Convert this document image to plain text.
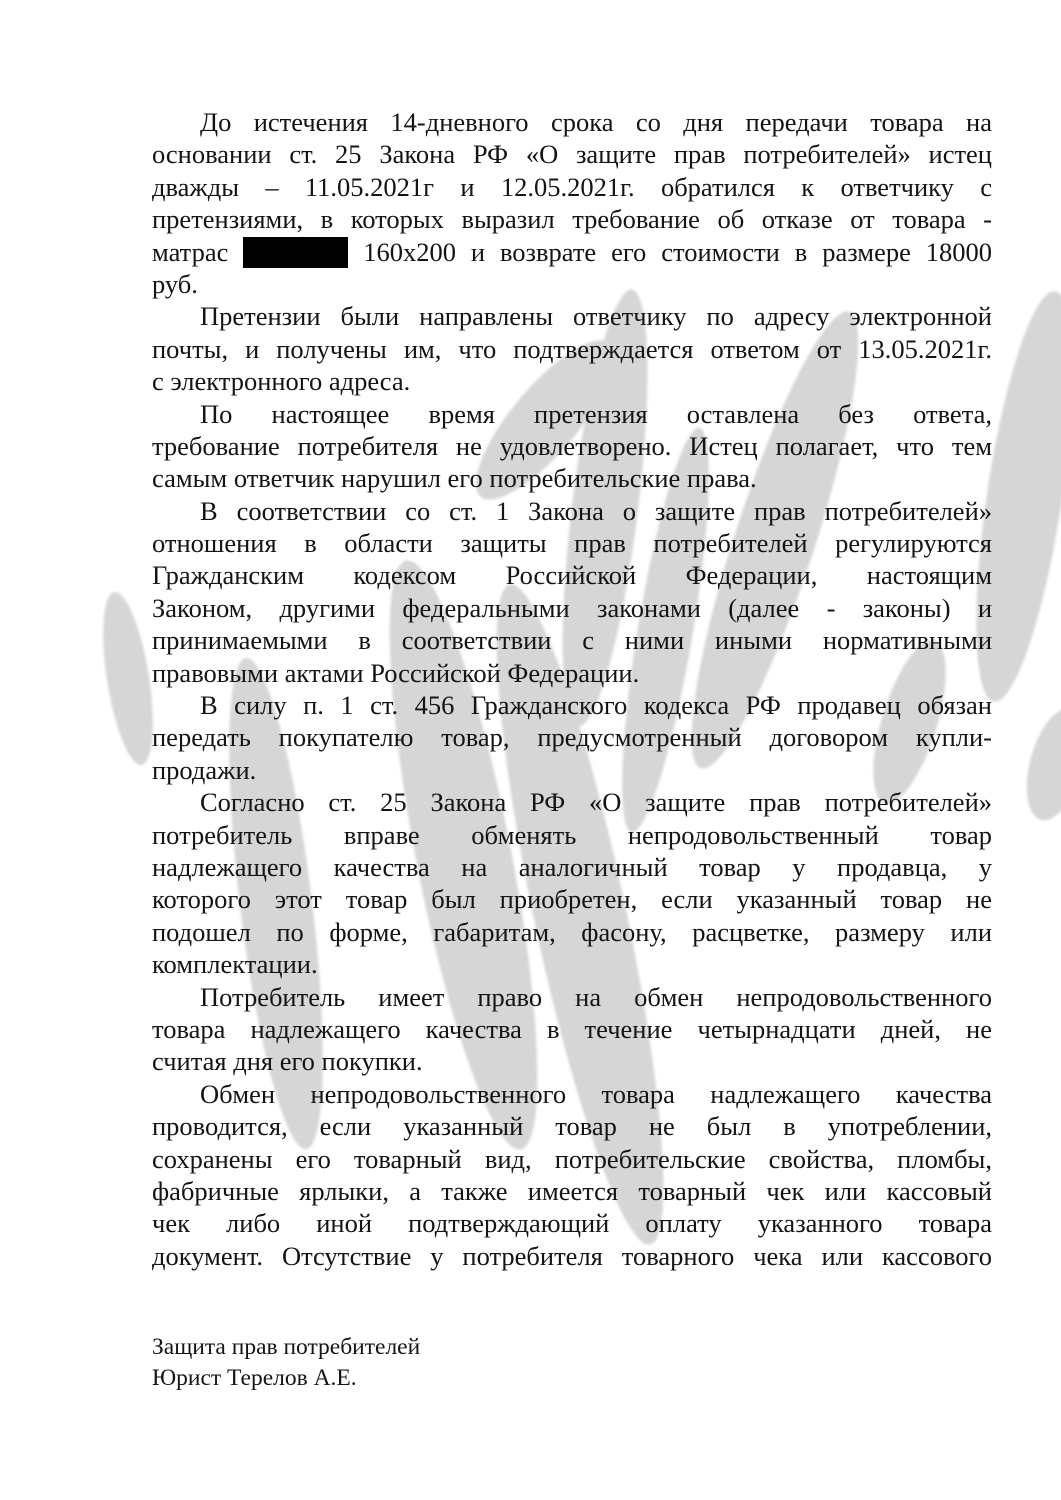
До истечения 14-дневного срока со дня передачи товара на
основании ст. 25 Закона РФ «О защите прав потребителей» истец
дважды – 11.05.2021г и 12.05.2021г. обратился к ответчику с
претензиями, в которых выразил требование об отказе от товара -
матрас	160х200 и возврате его стоимости в размере 18000
руб.
Претензии были направлены ответчику по адресу электронной
почты, и получены им, что подтверждается ответом от 13.05.2021г.
с электронного адреса.
По настоящее время претензия оставлена без ответа,
требование потребителя не удовлетворено. Истец полагает, что тем
самым ответчик нарушил его потребительские права.
В соответствии со ст. 1 Закона о защите прав потребителей»
отношения в области защиты прав потребителей регулируются
Гражданским кодексом Российской Федерации, настоящим
Законом, другими федеральными законами (далее - законы) и
принимаемыми в соответствии с ними иными нормативными
правовыми актами Российской Федерации.
В силу п. 1 ст. 456 Гражданского кодекса РФ продавец обязан
передать покупателю товар, предусмотренный договором купли-
продажи.
Согласно ст. 25 Закона РФ «О защите прав потребителей»
потребитель вправе обменять непродовольственный товар
надлежащего качества на аналогичный товар у продавца, у
которого этот товар был приобретен, если указанный товар не
подошел по форме, габаритам, фасону, расцветке, размеру или
комплектации.
Потребитель имеет право на обмен непродовольственного
товара надлежащего качества в течение четырнадцати дней, не
считая дня его покупки.
Обмен непродовольственного товара надлежащего качества
проводится, если указанный товар не был в употреблении,
сохранены его товарный вид, потребительские свойства, пломбы,
фабричные ярлыки, а также имеется товарный чек или кассовый
чек либо иной подтверждающий оплату указанного товара
документ. Отсутствие у потребителя товарного чека или кассового
Защита прав потребителей
Юрист Терелов А.Е.
